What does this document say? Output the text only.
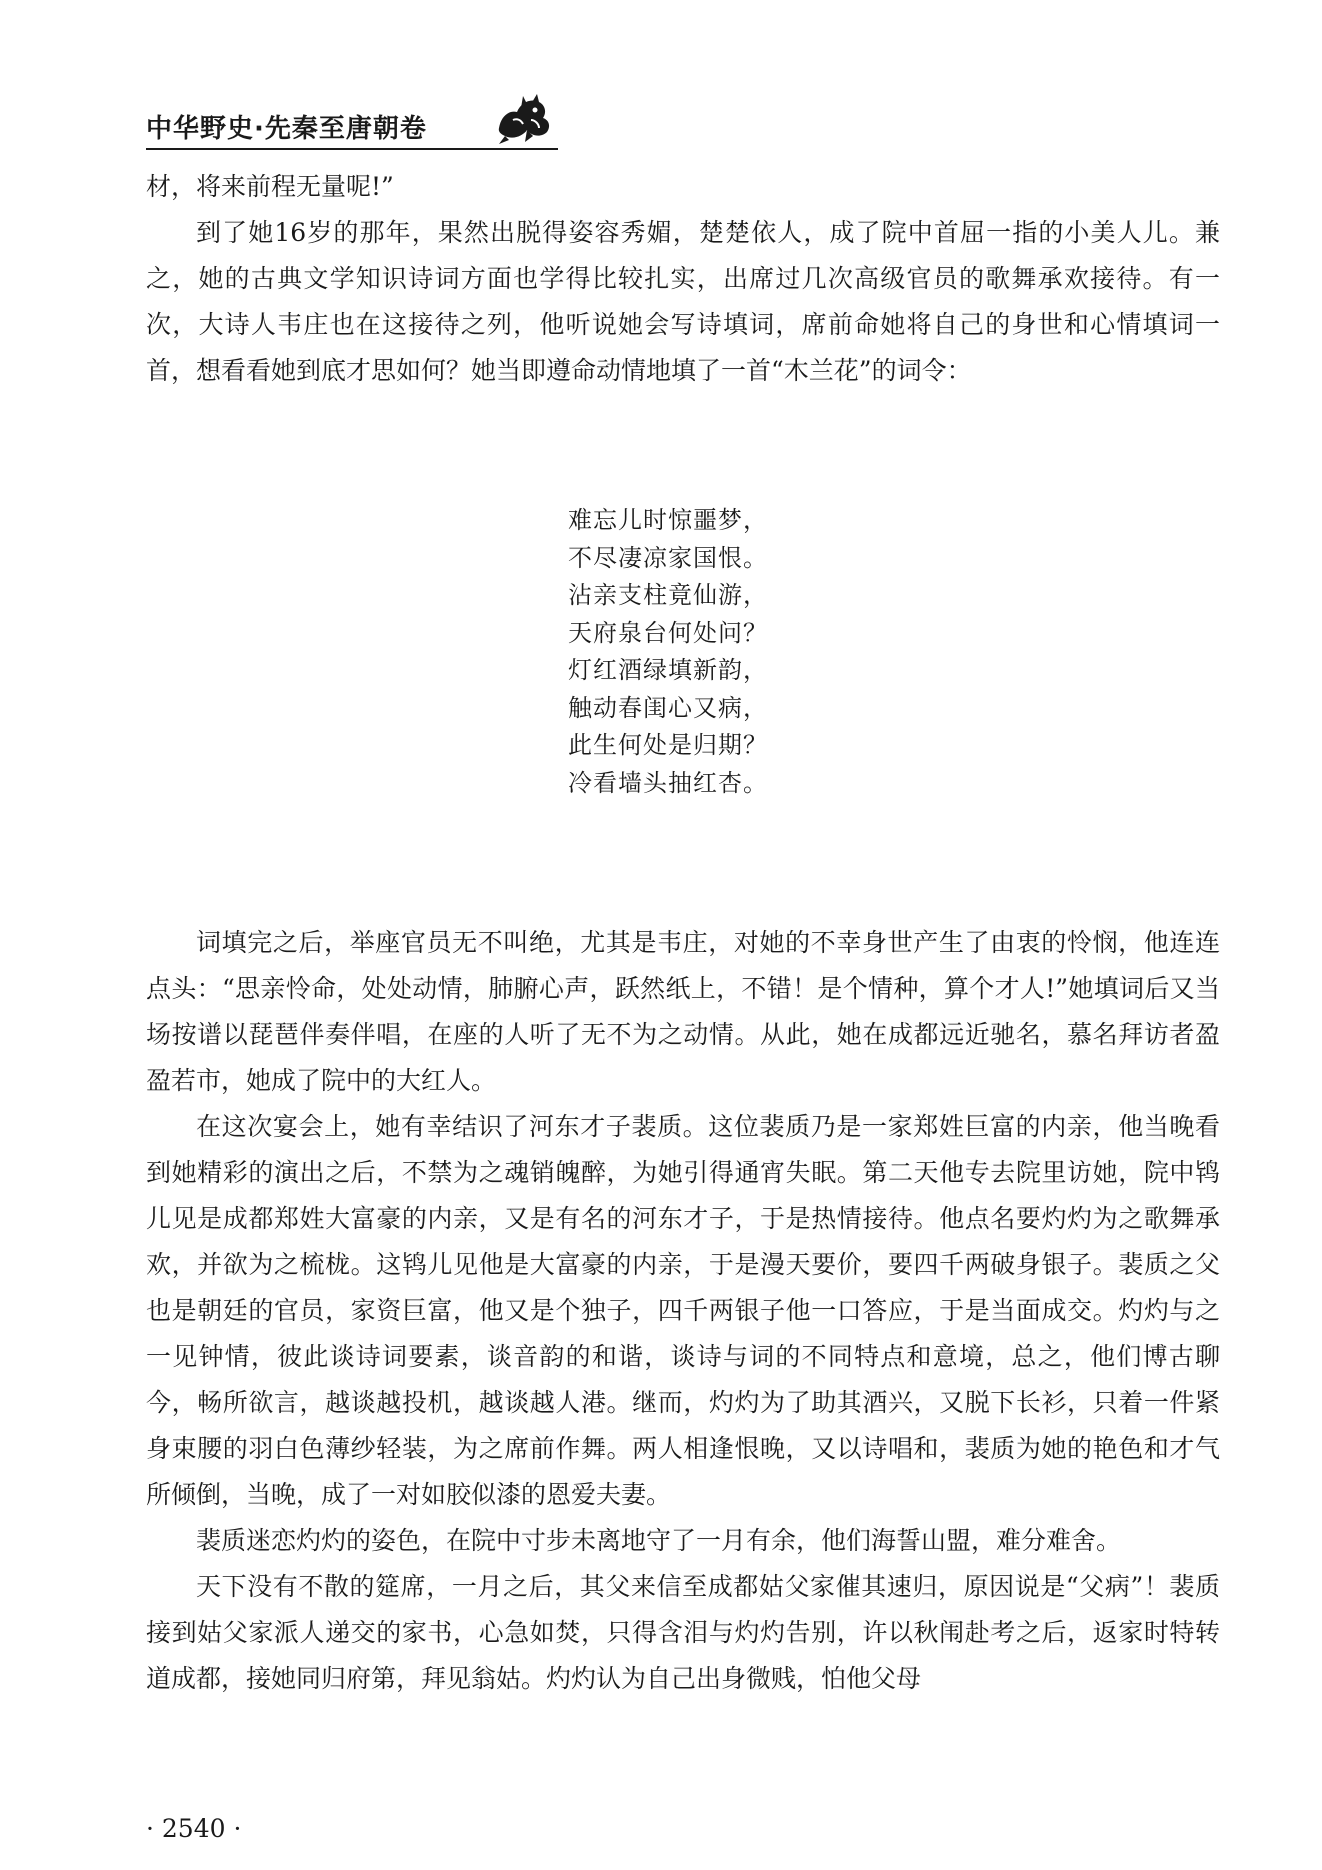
中华野史·先秦至唐朝卷

材，将来前程无量呢!”

到了她16岁的那年，果然出脱得姿容秀媚，楚楚依人，成了院中首屈一指的小美人儿。兼之，她的古典文学知识诗词方面也学得比较扎实，出席过几次高级官员的歌舞承欢接待。有一次，大诗人韦庄也在这接待之列，他听说她会写诗填词，席前命她将自己的身世和心情填词一首，想看看她到底才思如何？她当即遵命动情地填了一首“木兰花”的词令：

难忘儿时惊噩梦，
不尽凄凉家国恨。
沾亲支柱竟仙游，
天府泉台何处问？
灯红酒绿填新韵，
触动春闺心又病，
此生何处是归期？
冷看墙头抽红杏。

词填完之后，举座官员无不叫绝，尤其是韦庄，对她的不幸身世产生了由衷的怜悯，他连连点头：“思亲怜命，处处动情，肺腑心声，跃然纸上，不错！是个情种，算个才人!”她填词后又当场按谱以琵琶伴奏伴唱，在座的人听了无不为之动情。从此，她在成都远近驰名，慕名拜访者盈盈若市，她成了院中的大红人。

在这次宴会上，她有幸结识了河东才子裴质。这位裴质乃是一家郑姓巨富的内亲，他当晚看到她精彩的演出之后，不禁为之魂销魄醉，为她引得通宵失眠。第二天他专去院里访她，院中鸨儿见是成都郑姓大富豪的内亲，又是有名的河东才子，于是热情接待。他点名要灼灼为之歌舞承欢，并欲为之梳栊。这鸨儿见他是大富豪的内亲，于是漫天要价，要四千两破身银子。裴质之父也是朝廷的官员，家资巨富，他又是个独子，四千两银子他一口答应，于是当面成交。灼灼与之一见钟情，彼此谈诗词要素，谈音韵的和谐，谈诗与词的不同特点和意境，总之，他们博古聊今，畅所欲言，越谈越投机，越谈越人港。继而，灼灼为了助其酒兴，又脱下长衫，只着一件紧身束腰的羽白色薄纱轻装，为之席前作舞。两人相逢恨晚，又以诗唱和，裴质为她的艳色和才气所倾倒，当晚，成了一对如胶似漆的恩爱夫妻。

裴质迷恋灼灼的姿色，在院中寸步未离地守了一月有余，他们海誓山盟，难分难舍。

天下没有不散的筵席，一月之后，其父来信至成都姑父家催其速归，原因说是“父病”！裴质接到姑父家派人递交的家书，心急如焚，只得含泪与灼灼告别，许以秋闱赴考之后，返家时特转道成都，接她同归府第，拜见翁姑。灼灼认为自己出身微贱，怕他父母

· 2540 ·
